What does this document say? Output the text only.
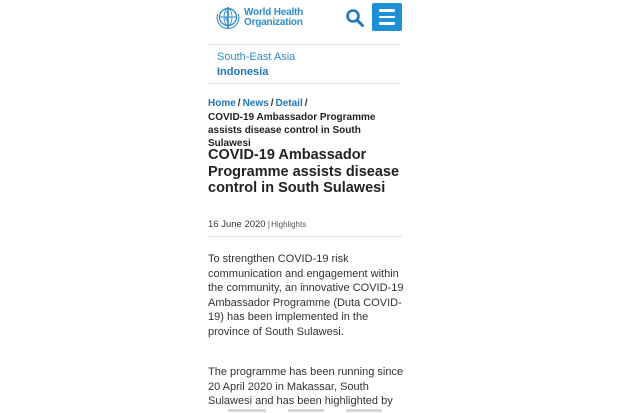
World Health
Organization
South-East Asia
Indonesia
Home / News / Detail /
COVID-19 Ambassador Programme assists disease control in South Sulawesi
COVID-19 Ambassador Programme assists disease control in South Sulawesi
16 June 2020 |Highlights

To strengthen COVID-19 risk communication and engagement within the community, an innovative COVID-19 Ambassador Programme (Duta COVID-19) has been implemented in the province of South Sulawesi.

The programme has been running since 20 April 2020 in Makassar, South Sulawesi and has been highlighted by
